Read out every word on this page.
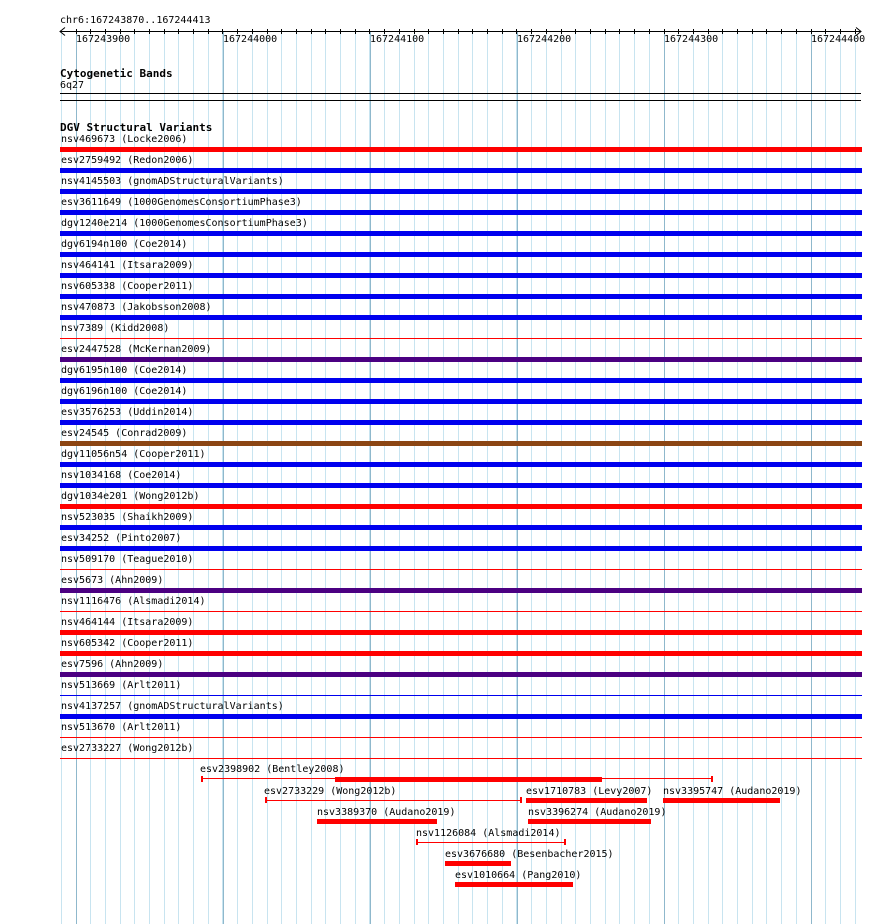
chr6:167243870..167244413
167243900	167244000	167244100	167244200	167244300	167244400
Cytogenetic Bands
6q27
DGV Structural Variants
nsv469673 (Locke2006)
esv2759492 (Redon2006)
nsv4145503 (gnomADStructuralVariants)
esv3611649 (1000GenomesConsortiumPhase3)
dgv1240e214 (1000GenomesConsortiumPhase3)
dgv6194n100 (Coe2014)
nsv464141 (Itsara2009)
nsv605338 (Cooper2011)
nsv470873 (Jakobsson2008)
nsv7389 (Kidd2008)
esv2447528 (McKernan2009)
dgv6195n100 (Coe2014)
dgv6196n100 (Coe2014)
esv3576253 (Uddin2014)
esv24545 (Conrad2009)
dgv11056n54 (Cooper2011)
nsv1034168 (Coe2014)
dgv1034e201 (Wong2012b)
nsv523035 (Shaikh2009)
esv34252 (Pinto2007)
nsv509170 (Teague2010)
esv5673 (Ahn2009)
nsv1116476 (Alsmadi2014)
nsv464144 (Itsara2009)
nsv605342 (Cooper2011)
esv7596 (Ahn2009)
nsv513669 (Arlt2011)
nsv4137257 (gnomADStructuralVariants)
nsv513670 (Arlt2011)
esv2733227 (Wong2012b)
esv2398902 (Bentley2008)
esv2733229 (Wong2012b)	esv1710783 (Levy2007) nsv3395747 (Audano2019)
nsv3389370 (Audano2019)	nsv3396274 (Audano2019)
nsv1126084 (Alsmadi2014)
esv3676680 (Besenbacher2015)
esv1010664 (Pang2010)
